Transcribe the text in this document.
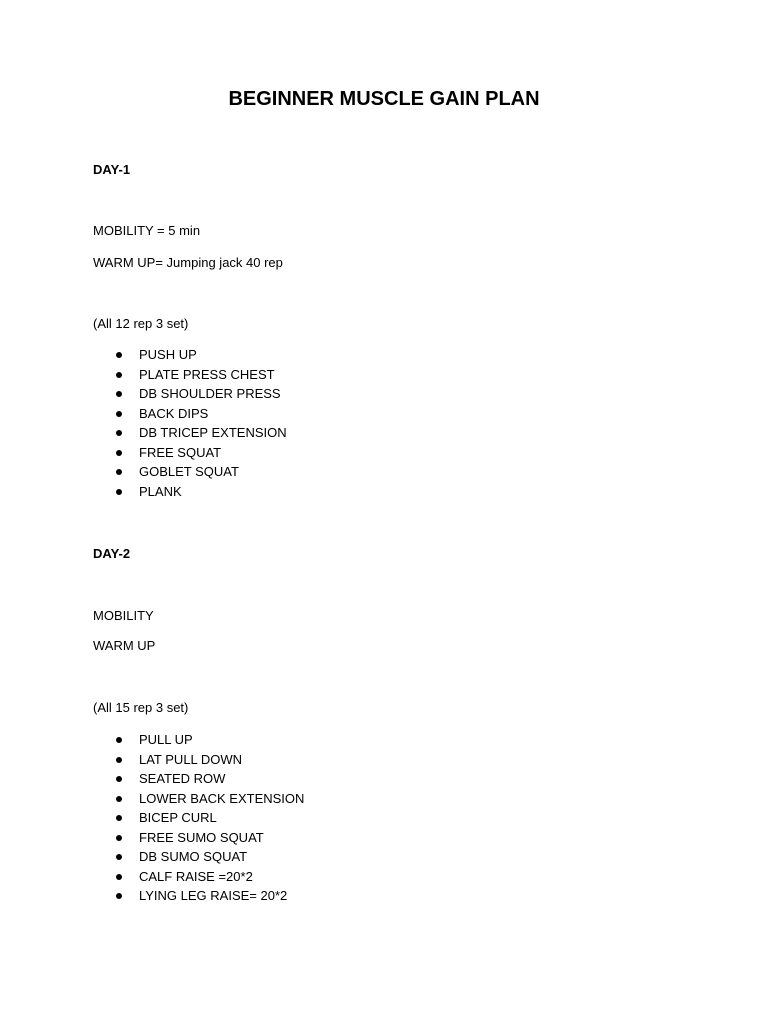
BEGINNER MUSCLE GAIN PLAN

DAY-1

MOBILITY = 5 min

WARM UP= Jumping jack 40 rep

(All 12 rep 3 set)

PUSH UP
PLATE PRESS CHEST
DB SHOULDER PRESS
BACK DIPS
DB TRICEP EXTENSION
FREE SQUAT
GOBLET SQUAT
PLANK

DAY-2

MOBILITY

WARM UP

(All 15 rep 3 set)

PULL UP
LAT PULL DOWN
SEATED ROW
LOWER BACK EXTENSION
BICEP CURL
FREE SUMO SQUAT
DB SUMO SQUAT
CALF RAISE =20*2
LYING LEG RAISE= 20*2
